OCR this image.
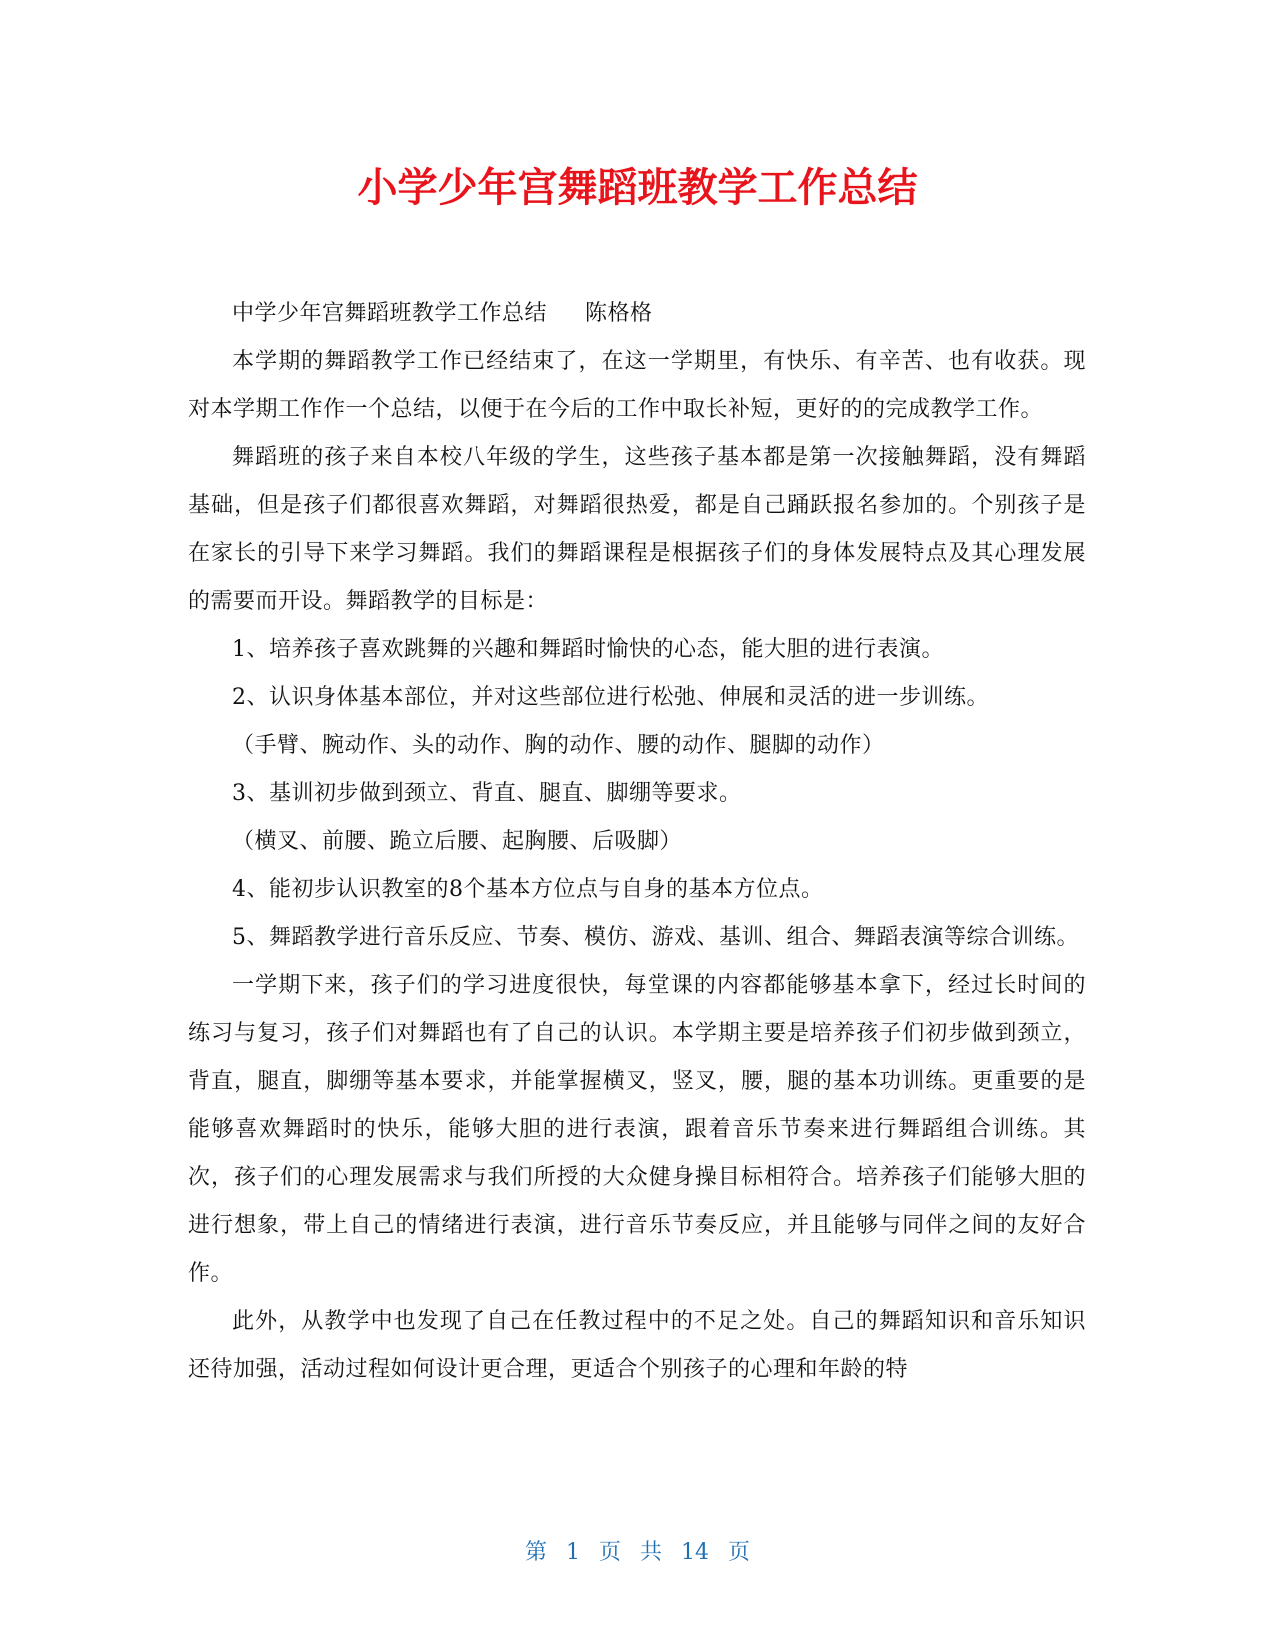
小学少年宫舞蹈班教学工作总结

中学少年宫舞蹈班教学工作总结 陈格格

本学期的舞蹈教学工作已经结束了，在这一学期里，有快乐、有辛苦、也有收获。现对本学期工作作一个总结，以便于在今后的工作中取长补短，更好的的完成教学工作。

舞蹈班的孩子来自本校八年级的学生，这些孩子基本都是第一次接触舞蹈，没有舞蹈基础，但是孩子们都很喜欢舞蹈，对舞蹈很热爱，都是自己踊跃报名参加的。个别孩子是在家长的引导下来学习舞蹈。我们的舞蹈课程是根据孩子们的身体发展特点及其心理发展的需要而开设。舞蹈教学的目标是：

1、培养孩子喜欢跳舞的兴趣和舞蹈时愉快的心态，能大胆的进行表演。

2、认识身体基本部位，并对这些部位进行松弛、伸展和灵活的进一步训练。

（手臂、腕动作、头的动作、胸的动作、腰的动作、腿脚的动作）

3、基训初步做到颈立、背直、腿直、脚绷等要求。

（横叉、前腰、跪立后腰、起胸腰、后吸脚）

4、能初步认识教室的8个基本方位点与自身的基本方位点。

5、舞蹈教学进行音乐反应、节奏、模仿、游戏、基训、组合、舞蹈表演等综合训练。

一学期下来，孩子们的学习进度很快，每堂课的内容都能够基本拿下，经过长时间的练习与复习，孩子们对舞蹈也有了自己的认识。本学期主要是培养孩子们初步做到颈立，背直，腿直，脚绷等基本要求，并能掌握横叉，竖叉，腰，腿的基本功训练。更重要的是能够喜欢舞蹈时的快乐，能够大胆的进行表演，跟着音乐节奏来进行舞蹈组合训练。其次，孩子们的心理发展需求与我们所授的大众健身操目标相符合。培养孩子们能够大胆的进行想象，带上自己的情绪进行表演，进行音乐节奏反应，并且能够与同伴之间的友好合作。

此外，从教学中也发现了自己在任教过程中的不足之处。自己的舞蹈知识和音乐知识还待加强，活动过程如何设计更合理，更适合个别孩子的心理和年龄的特

第 1 页 共 14 页
